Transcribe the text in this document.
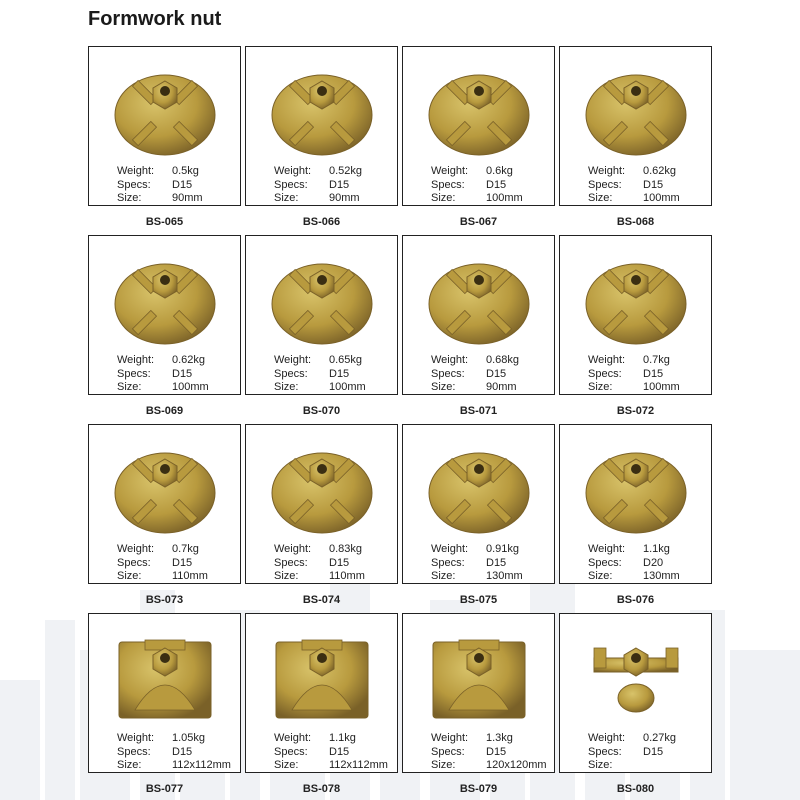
Formwork nut
Weight:	0.5kg
Specs:	D15
Size:	90mm
BS-065
Weight:	0.52kg
Specs:	D15
Size:	90mm
BS-066
Weight:	0.6kg
Specs:	D15
Size:	100mm
BS-067
Weight:	0.62kg
Specs:	D15
Size:	100mm
BS-068
Weight:	0.62kg
Specs:	D15
Size:	100mm
BS-069
Weight:	0.65kg
Specs:	D15
Size:	100mm
BS-070
Weight:	0.68kg
Specs:	D15
Size:	90mm
BS-071
Weight:	0.7kg
Specs:	D15
Size:	100mm
BS-072
Weight:	0.7kg
Specs:	D15
Size:	110mm
BS-073
Weight:	0.83kg
Specs:	D15
Size:	110mm
BS-074
Weight:	0.91kg
Specs:	D15
Size:	130mm
BS-075
Weight:	1.1kg
Specs:	D20
Size:	130mm
BS-076
Weight:	1.05kg
Specs:	D15
Size:	112x112mm
BS-077
Weight:	1.1kg
Specs:	D15
Size:	112x112mm
BS-078
Weight:	1.3kg
Specs:	D15
Size:	120x120mm
BS-079
Weight:	0.27kg
Specs:	D15
Size:
BS-080
